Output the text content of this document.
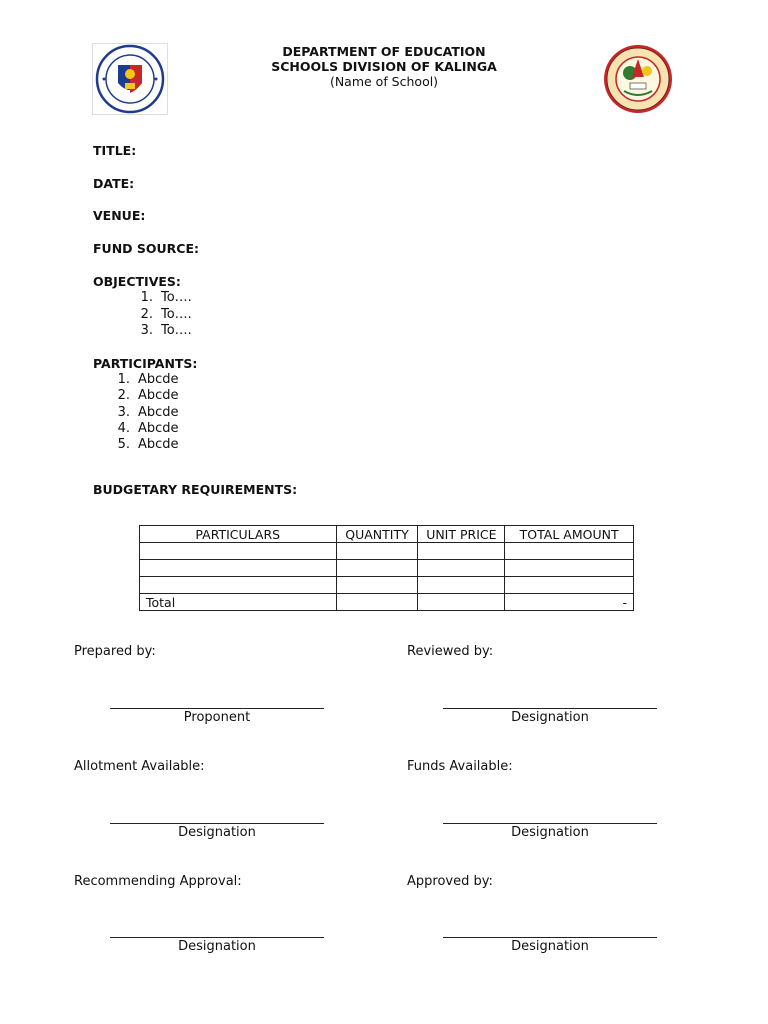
DEPARTMENT OF EDUCATION
SCHOOLS DIVISION OF KALINGA
(Name of School)
TITLE:
DATE:
VENUE:
FUND SOURCE:
OBJECTIVES:
1. To….
2. To….
3. To….
PARTICIPANTS:
1. Abcde
2. Abcde
3. Abcde
4. Abcde
5. Abcde
BUDGETARY REQUIREMENTS:
PARTICULARS	QUANTITY	UNIT PRICE	TOTAL AMOUNT

Total			-
Prepared by:	Reviewed by:
Proponent	Designation
Allotment Available:	Funds Available:
Designation	Designation
Recommending Approval:	Approved by:
Designation	Designation
